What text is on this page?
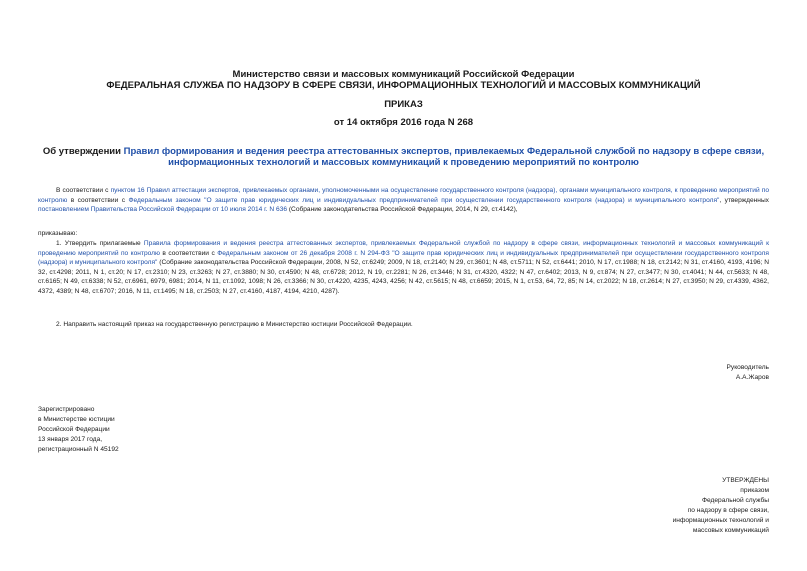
Министерство связи и массовых коммуникаций Российской Федерации
ФЕДЕРАЛЬНАЯ СЛУЖБА ПО НАДЗОРУ В СФЕРЕ СВЯЗИ, ИНФОРМАЦИОННЫХ ТЕХНОЛОГИЙ И МАССОВЫХ КОММУНИКАЦИЙ
ПРИКАЗ
от 14 октября 2016 года N 268
Об утверждении Правил формирования и ведения реестра аттестованных экспертов, привлекаемых Федеральной службой по надзору в сфере связи,
информационных технологий и массовых коммуникаций к проведению мероприятий по контролю
В соответствии с пунктом 16 Правил аттестации экспертов, привлекаемых органами, уполномоченными на осуществление государственного контроля (надзора), органами муниципального контроля, к проведению мероприятий по контролю в соответствии с Федеральным законом "О защите прав юридических лиц и индивидуальных предпринимателей при осуществлении государственного контроля (надзора) и муниципального контроля", утвержденных постановлением Правительства Российской Федерации от 10 июля 2014 г. N 636 (Собрание законодательства Российской Федерации, 2014, N 29, ст.4142),
приказываю:
1. Утвердить прилагаемые Правила формирования и ведения реестра аттестованных экспертов, привлекаемых Федеральной службой по надзору в сфере связи, информационных технологий и массовых коммуникаций к проведению мероприятий по контролю в соответствии с Федеральным законом от 26 декабря 2008 г. N 294-ФЗ "О защите прав юридических лиц и индивидуальных предпринимателей при осуществлении государственного контроля (надзора) и муниципального контроля" (Собрание законодательства Российской Федерации, 2008, N 52, ст.6249; 2009, N 18, ст.2140; N 29, ст.3601; N 48, ст.5711; N 52, ст.6441; 2010, N 17, ст.1988; N 18, ст.2142; N 31, ст.4160, 4193, 4196; N 32, ст.4298; 2011, N 1, ст.20; N 17, ст.2310; N 23, ст.3263; N 27, ст.3880; N 30, ст.4590; N 48, ст.6728; 2012, N 19, ст.2281; N 26, ст.3446; N 31, ст.4320, 4322; N 47, ст.6402; 2013, N 9, ст.874; N 27, ст.3477; N 30, ст.4041; N 44, ст.5633; N 48, ст.6165; N 49, ст.6338; N 52, ст.6961, 6979, 6981; 2014, N 11, ст.1092, 1098; N 26, ст.3366; N 30, ст.4220, 4235, 4243, 4256; N 42, ст.5615; N 48, ст.6659; 2015, N 1, ст.53, 64, 72, 85; N 14, ст.2022; N 18, ст.2614; N 27, ст.3950; N 29, ст.4339, 4362, 4372, 4389; N 48, ст.6707; 2016, N 11, ст.1495; N 18, ст.2503; N 27, ст.4160, 4187, 4194, 4210, 4287).
2. Направить настоящий приказ на государственную регистрацию в Министерство юстиции Российской Федерации.
Руководитель
А.А.Жаров
Зарегистрировано
в Министерстве юстиции
Российской Федерации
13 января 2017 года,
регистрационный N 45192
УТВЕРЖДЕНЫ
приказом
Федеральной службы
по надзору в сфере связи,
информационных технологий и
массовых коммуникаций
